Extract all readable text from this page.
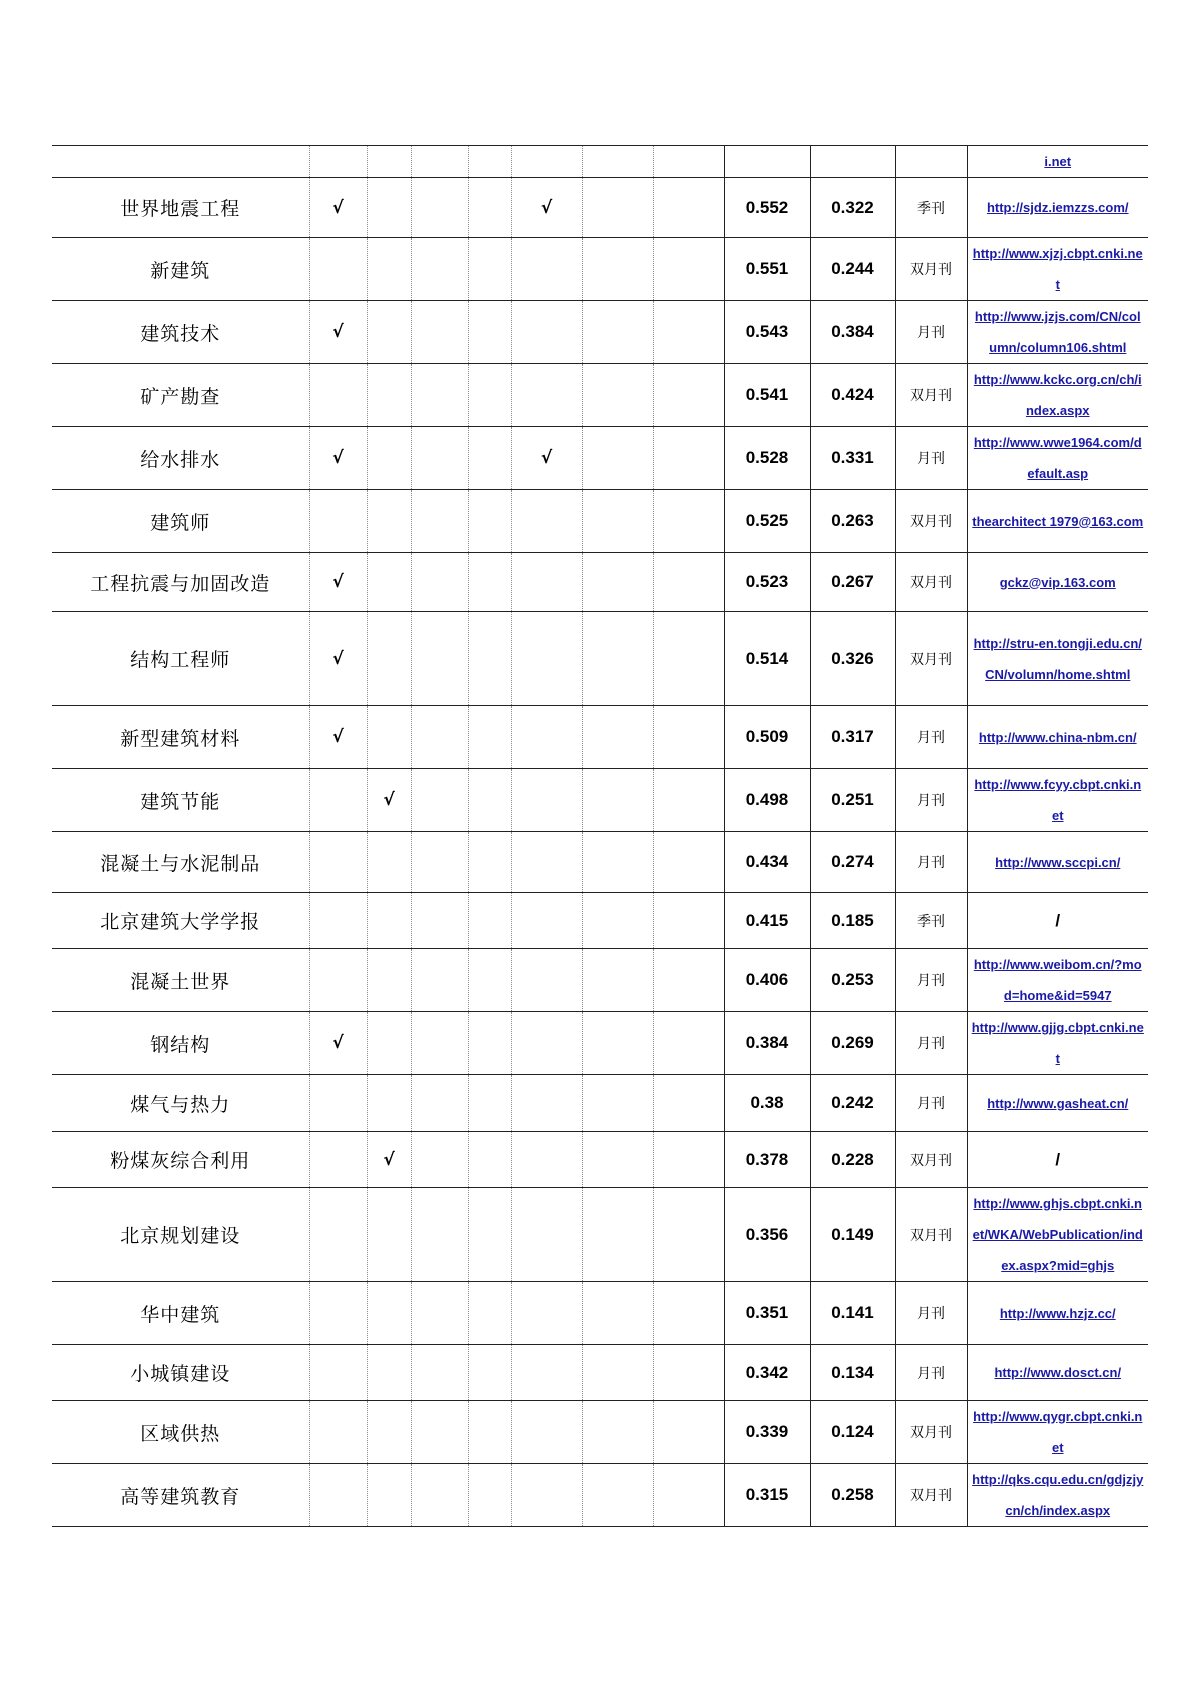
											i.net

世界地震工程	√				√			0.552	0.322	季刊	http://sjdz.iemzzs.com/

新建筑								0.551	0.244	双月刊	http://www.xjzj.cbpt.cnki.net

建筑技术	√							0.543	0.384	月刊	http://www.jzjs.com/CN/column/column106.shtml

矿产勘查								0.541	0.424	双月刊	http://www.kckc.org.cn/ch/index.aspx

给水排水	√				√			0.528	0.331	月刊	http://www.wwe1964.com/default.asp

建筑师								0.525	0.263	双月刊	thearchitect 1979@163.com

工程抗震与加固改造	√							0.523	0.267	双月刊	gckz@vip.163.com

结构工程师	√							0.514	0.326	双月刊	http://stru-en.tongji.edu.cn/CN/volumn/home.shtml

新型建筑材料	√							0.509	0.317	月刊	http://www.china-nbm.cn/

建筑节能		√						0.498	0.251	月刊	http://www.fcyy.cbpt.cnki.net

混凝土与水泥制品								0.434	0.274	月刊	http://www.sccpi.cn/

北京建筑大学学报								0.415	0.185	季刊	/
混凝土世界								0.406	0.253	月刊	http://www.weibom.cn/?mod=home&id=5947

钢结构	√							0.384	0.269	月刊	http://www.gjjg.cbpt.cnki.net

煤气与热力								0.38	0.242	月刊	http://www.gasheat.cn/

粉煤灰综合利用		√						0.378	0.228	双月刊	/
北京规划建设								0.356	0.149	双月刊	http://www.ghjs.cbpt.cnki.net/WKA/WebPublication/index.aspx?mid=ghjs

华中建筑								0.351	0.141	月刊	http://www.hzjz.cc/

小城镇建设								0.342	0.134	月刊	http://www.dosct.cn/

区域供热								0.339	0.124	双月刊	http://www.qygr.cbpt.cnki.net

高等建筑教育								0.315	0.258	双月刊	http://qks.cqu.edu.cn/gdjzjycn/ch/index.aspx
